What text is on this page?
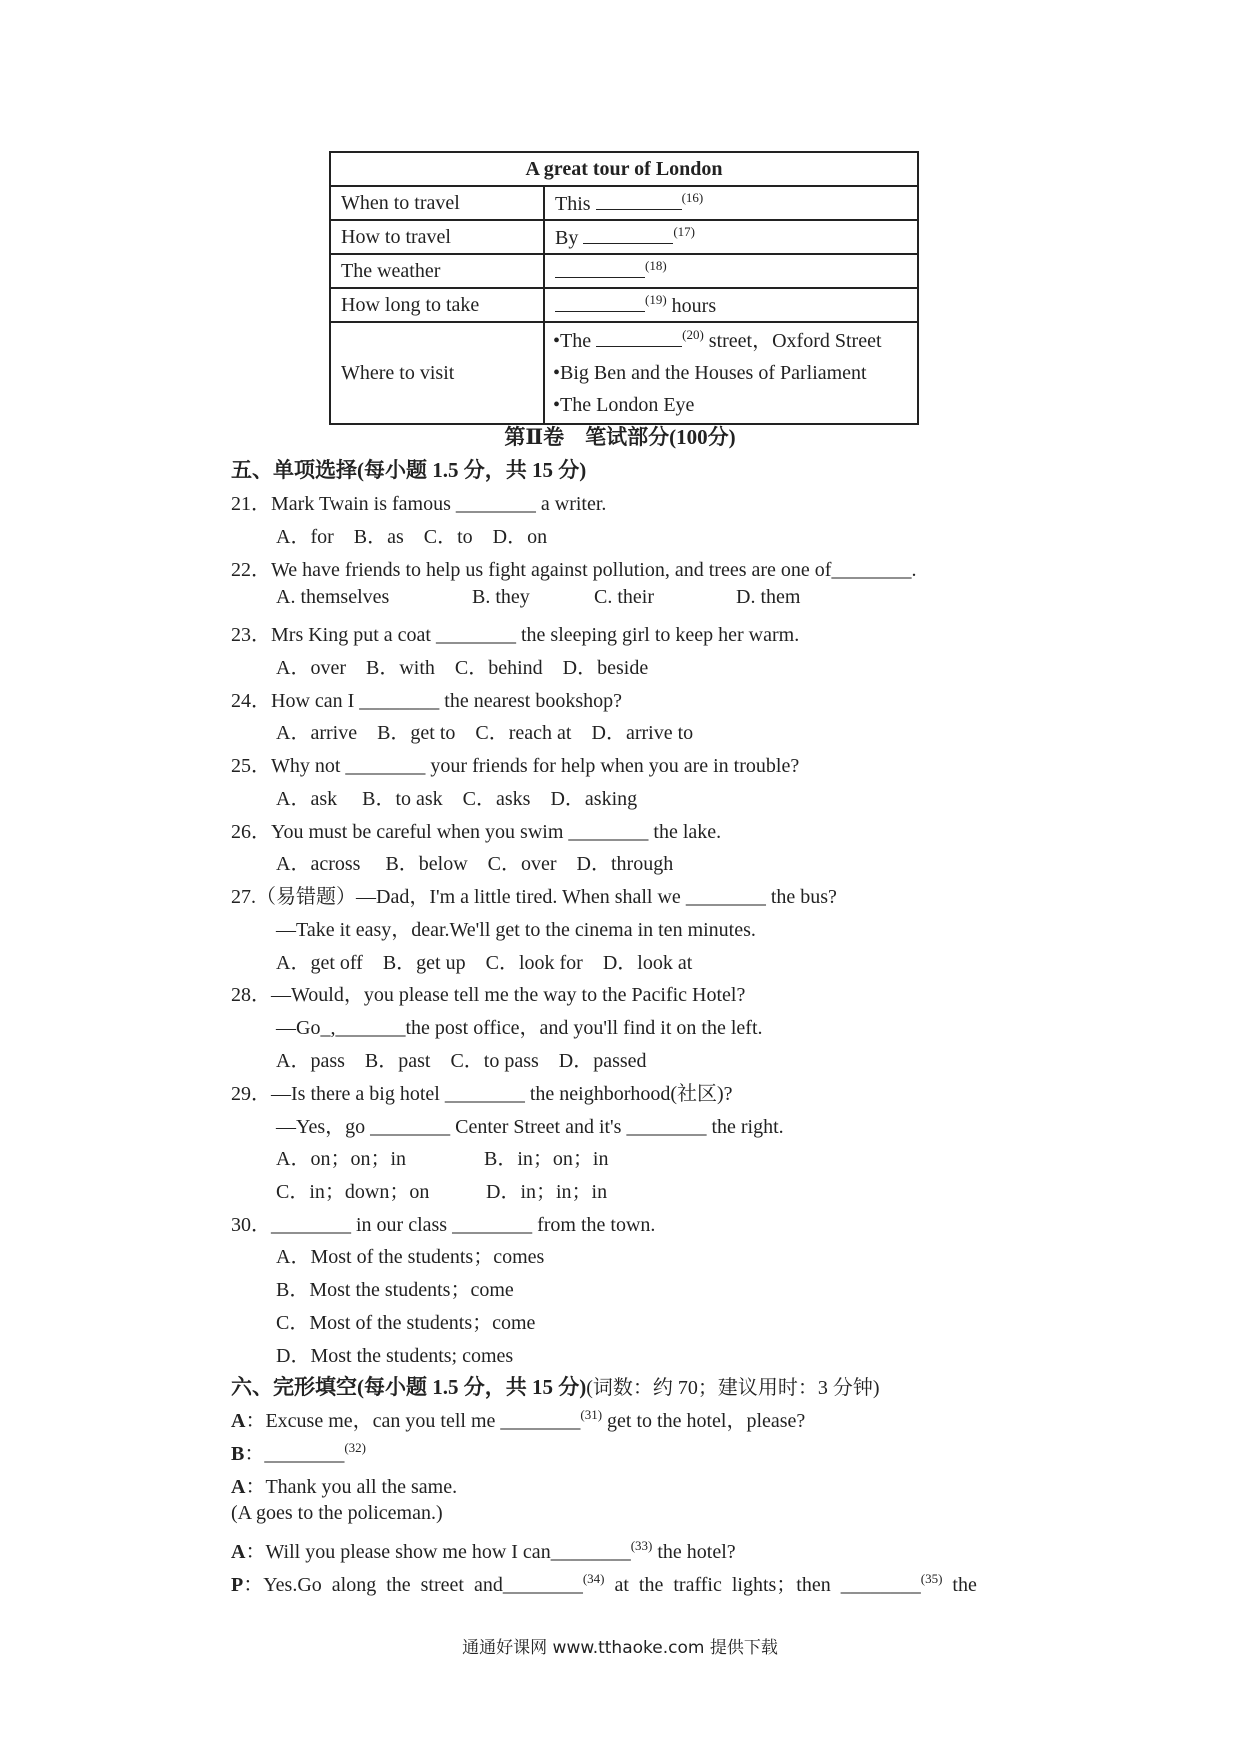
A great tour of London	
When to travel	This $^{(16)}$
How to travel	By $^{(17)}$
The weather	$^{(18)}$
How long to take	$^{(19)}$ hours
Where to visit	•The $^{(20)}$ street，Oxford Street
•Big Ben and the Houses of Parliament
•The London Eye
第Ⅱ卷　笔试部分(100分)
五、单项选择(每小题 1.5 分，共 15 分)
21．Mark Twain is famous ________ a writer.
A．for B．as C．to D．on
22．We have friends to help us fight against pollution, and trees are one of________.
A. themselves	B. they	C. their	D. them
23．Mrs King put a coat ________ the sleeping girl to keep her warm.
A．over B．with C．behind D．beside
24．How can I ________ the nearest bookshop?
A．arrive B．get to C．reach at D．arrive to
25．Why not ________ your friends for help when you are in trouble?
A．ask B．to ask C．asks D．asking
26．You must be careful when you swim ________ the lake.
A．across B．below C．over D．through
27.（易错题）—Dad，I'm a little tired. When shall we ________ the bus?
—Take it easy，dear.We'll get to the cinema in ten minutes.
A．get off B．get up C．look for D．look at
28．—Would，you please tell me the way to the Pacific Hotel?
—Go_,_______the post office，and you'll find it on the left.
A．pass B．past C．to pass D．passed
29．—Is there a big hotel ________ the neighborhood(社区)?
—Yes，go ________ Center Street and it's ________ the right.
A．on；on；in	B．in；on；in
C．in；down；on	D．in；in；in
30．________ in our class ________ from the town.
A．Most of the students；comes
B．Most the students；come
C．Most of the students；come
D．Most the students; comes
六、完形填空(每小题 1.5 分，共 15 分)(词数：约 70；建议用时：3 分钟)
A：Excuse me，can you tell me ________$^{(31)}$ get to the hotel，please?
B：________$^{(32)}$
A：Thank you all the same.
(A goes to the policeman.)
A：Will you please show me how I can________$^{(33)}$ the hotel?
P：Yes.Go  along  the  street  and________$^{(34)}$  at  the  traffic  lights；then  ________$^{(35)}$  the
通通好课网 www.tthaoke.com 提供下载
